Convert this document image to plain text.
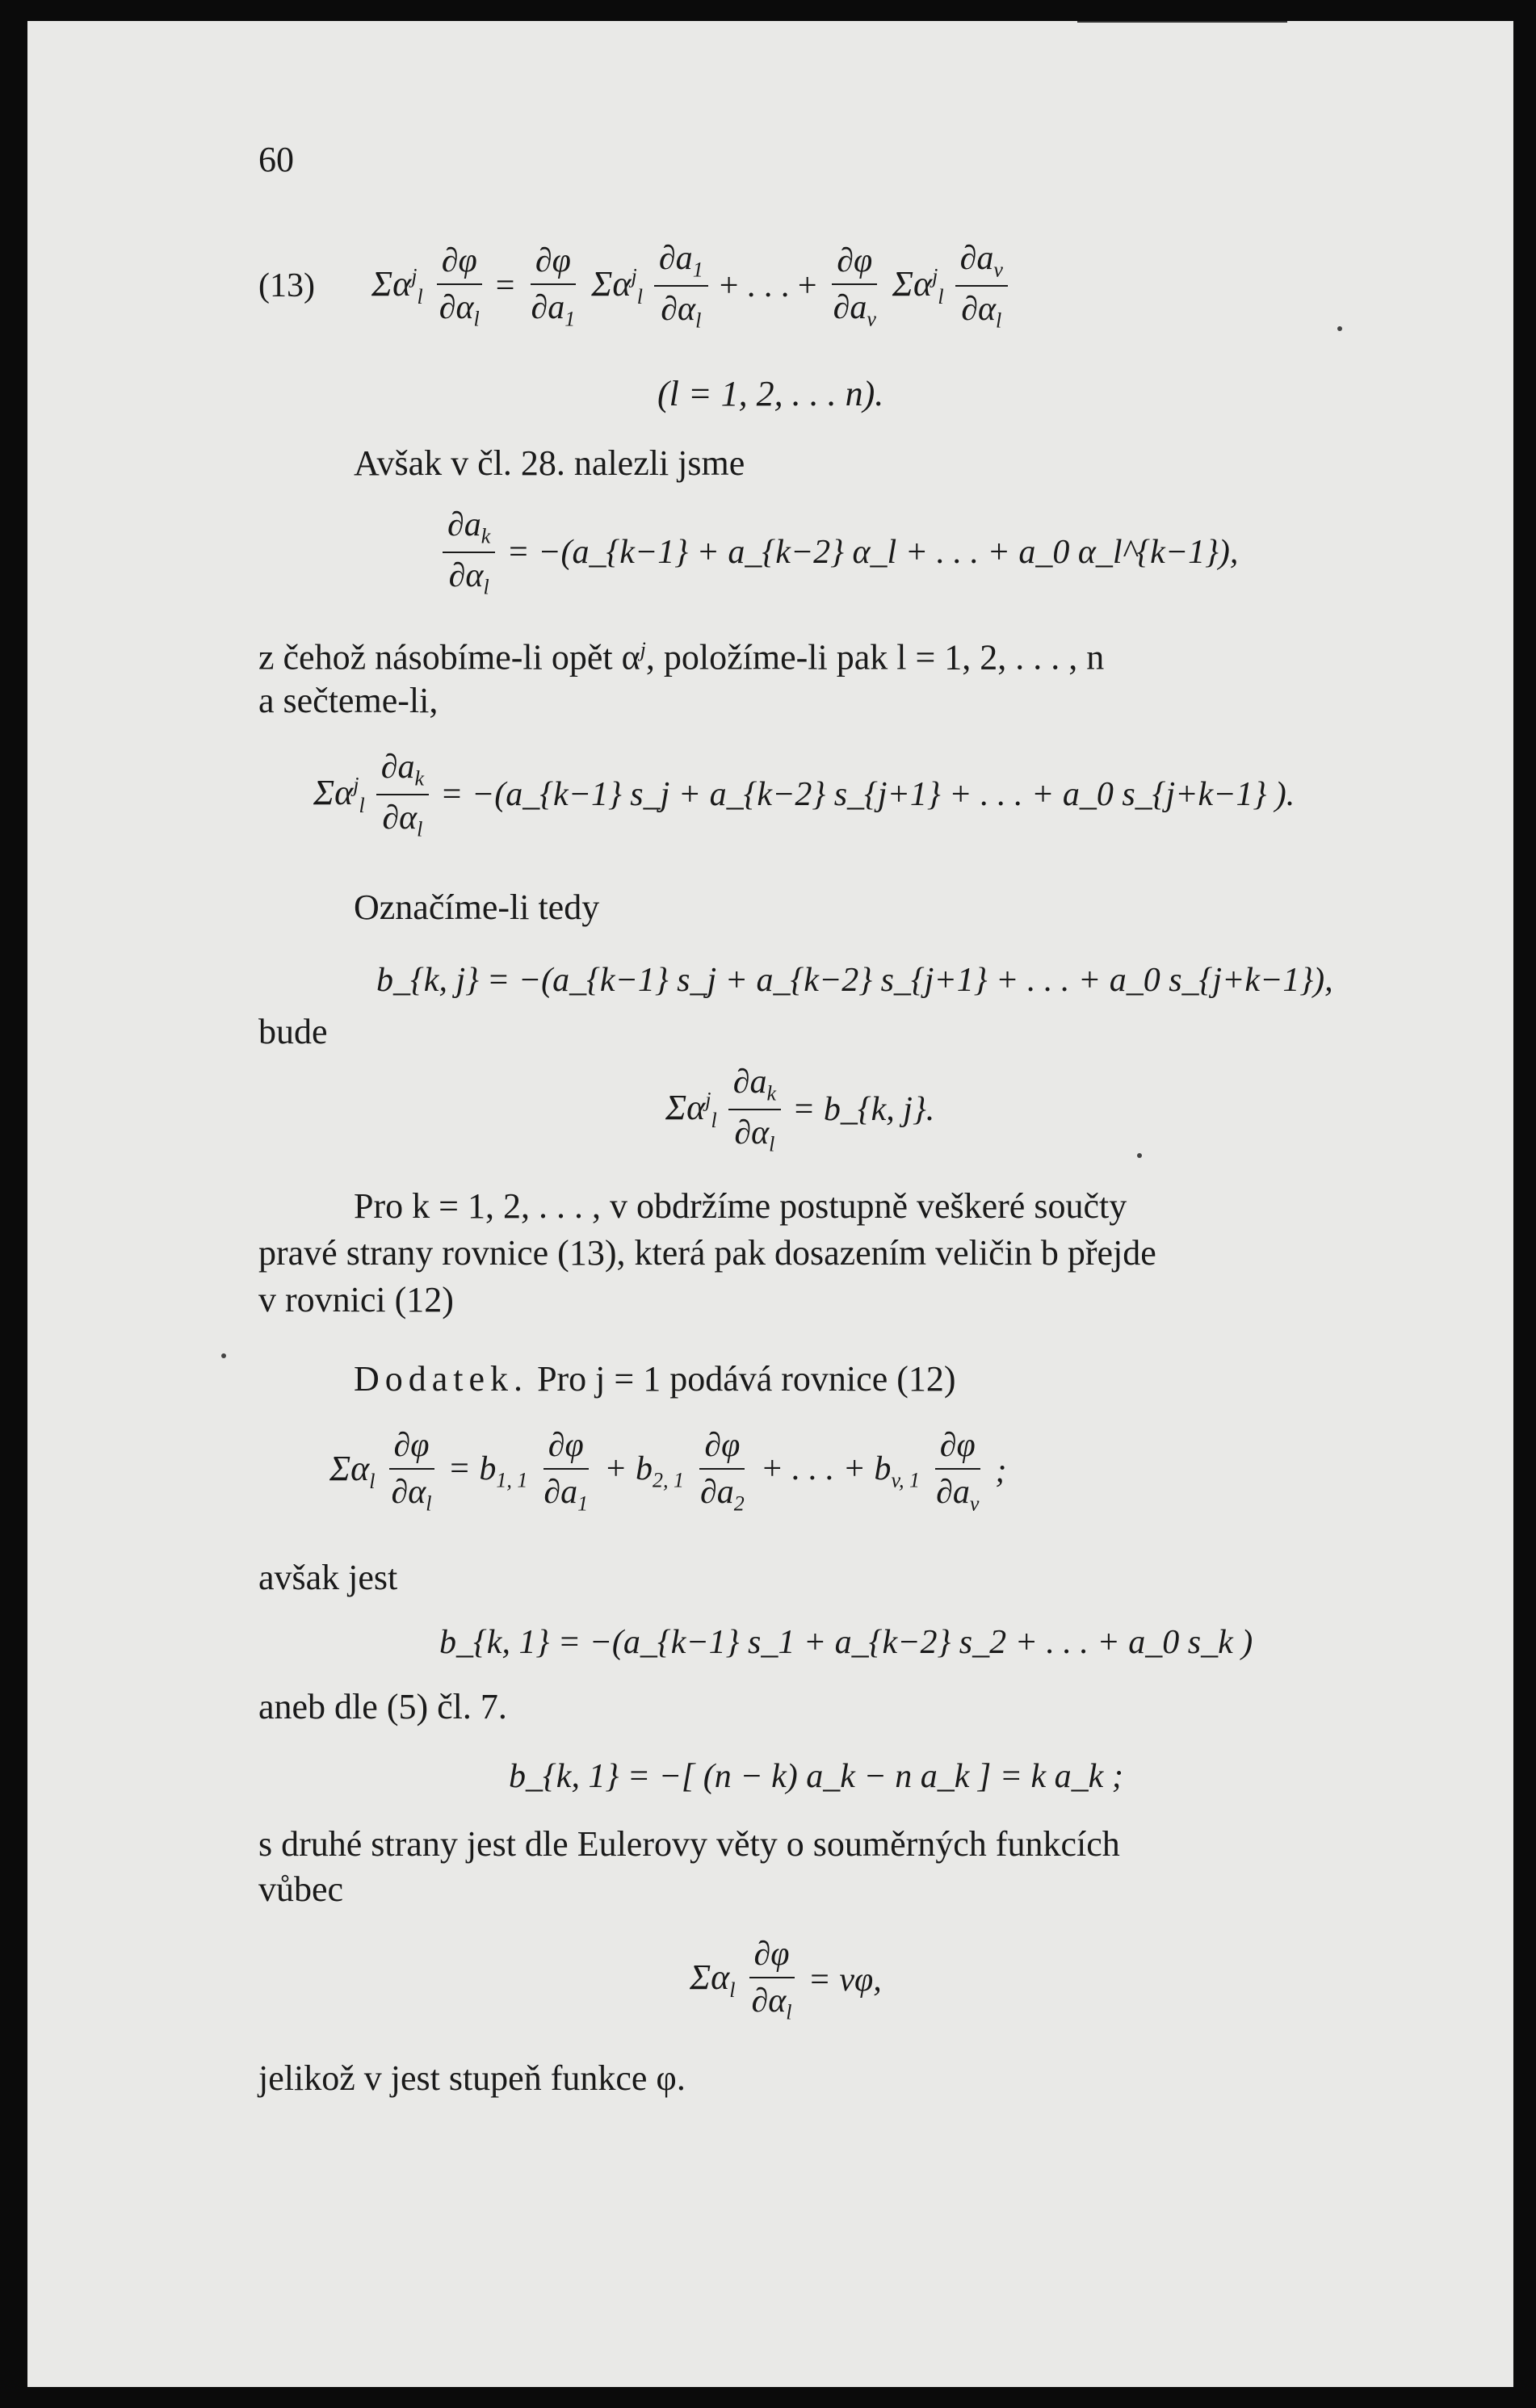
60
(13) $\Sigma\alpha^j_l \frac{\partial\varphi}{\partial\alpha_l} = \frac{\partial\varphi}{\partial a_1} \Sigma\alpha^j_l \frac{\partial a_1}{\partial\alpha_l}$ + . . . + $\frac{\partial\varphi}{\partial a_v} \Sigma\alpha^j_l \frac{\partial a_v}{\partial\alpha_l}$
(l = 1, 2, . . . n).
Avšak v čl. 28. nalezli jsme
$\frac{\partial a_k}{\partial\alpha_l}$ = −(a_{k−1} + a_{k−2} α_l + . . . + a_0 α_l^{k−1}),
z čehož násobíme-li opět $\alpha^j$, položíme-li pak l = 1, 2, . . . , n
a sečteme-li,
$\Sigma\alpha^j_l \frac{\partial a_k}{\partial\alpha_l}$ = −(a_{k−1} s_j + a_{k−2} s_{j+1} + . . . + a_0 s_{j+k−1} ).
Označíme-li tedy
b_{k, j} = −(a_{k−1} s_j + a_{k−2} s_{j+1} + . . . + a_0 s_{j+k−1}),
bude
$\Sigma\alpha^j_l \frac{\partial a_k}{\partial\alpha_l}$ = b_{k, j}.
Pro k = 1, 2, . . . , v obdržíme postupně veškeré součty
pravé strany rovnice (13), která pak dosazením veličin b přejde
v rovnici (12)
Dodatek. Pro j = 1 podává rovnice (12)
$\Sigma\alpha_l \frac{\partial\varphi}{\partial\alpha_l} = b_{1, 1} \frac{\partial\varphi}{\partial a_1} + b_{2, 1} \frac{\partial\varphi}{\partial a_2}$ + . . . + $b_{v, 1} \frac{\partial\varphi}{\partial a_v}$ ;
avšak jest
b_{k, 1} = −(a_{k−1} s_1 + a_{k−2} s_2 + . . . + a_0 s_k )
aneb dle (5) čl. 7.
b_{k, 1} = −[ (n − k) a_k − n a_k ] = k a_k ;
s druhé strany jest dle Eulerovy věty o souměrných funkcích
vůbec
$\Sigma\alpha_l \frac{\partial\varphi}{\partial\alpha_l} = v\varphi$,
jelikož v jest stupeň funkce φ.
